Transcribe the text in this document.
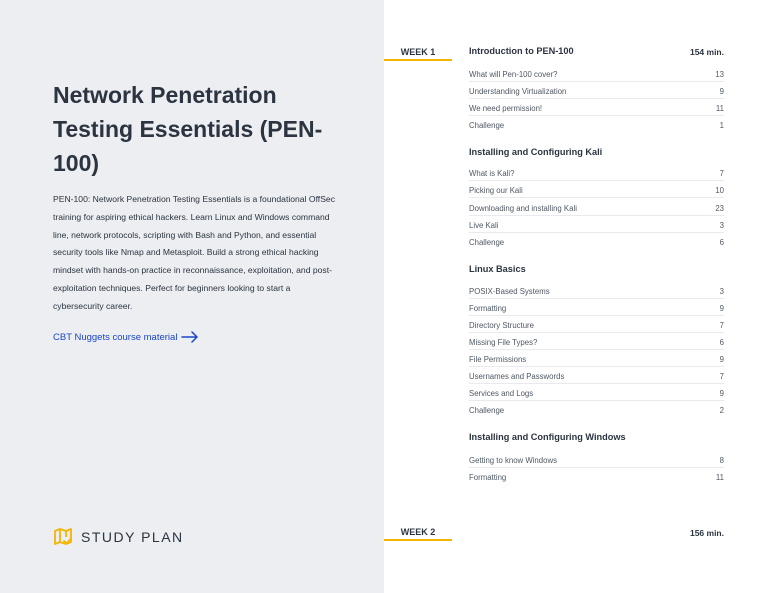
Network Penetration Testing Essentials (PEN-100)

PEN-100: Network Penetration Testing Essentials is a foundational OffSec training for aspiring ethical hackers. Learn Linux and Windows command line, network protocols, scripting with Bash and Python, and essential security tools like Nmap and Metasploit. Build a strong ethical hacking mindset with hands-on practice in reconnaissance, exploitation, and post-exploitation techniques. Perfect for beginners looking to start a cybersecurity career.

CBT Nuggets course material
STUDY PLAN
WEEK 1	Introduction to PEN-100	154 min.
What will Pen-100 cover?	13
Understanding Virtualization	9
We need permission!	11
Challenge	1
Installing and Configuring Kali
What is Kali?	7
Picking our Kali	10
Downloading and installing Kali	23
Live Kali	3
Challenge	6
Linux Basics
POSIX-Based Systems	3
Formatting	9
Directory Structure	7
Missing File Types?	6
File Permissions	9
Usernames and Passwords	7
Services and Logs	9
Challenge	2
Installing and Configuring Windows
Getting to know Windows	8
Formatting	11
WEEK 2	156 min.
